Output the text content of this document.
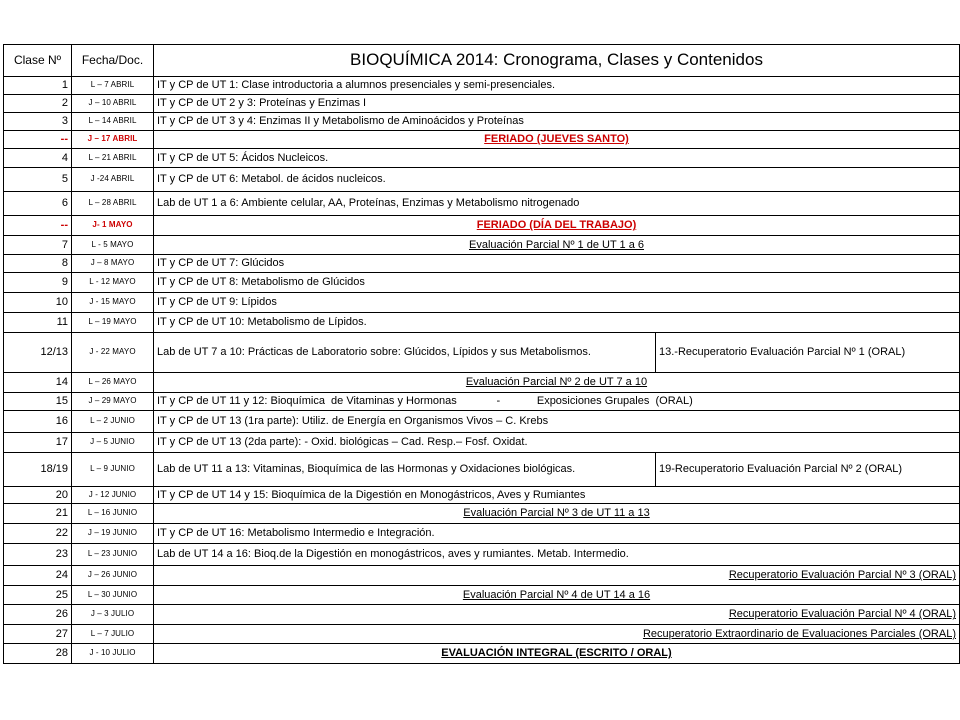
Clase Nº	Fecha/Doc.	BIOQUÍMICA 2014: Cronograma, Clases y Contenidos	
1	L – 7 ABRIL	IT y CP de UT 1: Clase introductoria a alumnos presenciales y semi-presenciales.	
2	J – 10 ABRIL	IT y CP de UT 2 y 3: Proteínas y Enzimas I	
3	L – 14 ABRIL	IT y CP de UT 3 y 4: Enzimas II y Metabolismo de Aminoácidos y Proteínas	
--	J – 17 ABRIL	FERIADO (JUEVES SANTO)	
4	L – 21 ABRIL	IT y CP de UT 5: Ácidos Nucleicos.	
5	J -24 ABRIL	IT y CP de UT 6: Metabol. de ácidos nucleicos.	
6	L – 28 ABRIL	Lab de UT 1 a 6: Ambiente celular, AA, Proteínas, Enzimas y Metabolismo nitrogenado	
--	J- 1 MAYO	FERIADO (DÍA DEL TRABAJO)	
7	L - 5 MAYO	Evaluación Parcial Nº 1 de UT 1 a 6	
8	J – 8 MAYO	IT y CP de UT 7: Glúcidos	
9	L - 12 MAYO	IT y CP de UT 8: Metabolismo de Glúcidos	
10	J - 15 MAYO	IT y CP de UT 9: Lípidos	
11	L – 19 MAYO	IT y CP de UT 10: Metabolismo de Lípidos.	
12/13	J - 22 MAYO	Lab de UT 7 a 10: Prácticas de Laboratorio sobre: Glúcidos, Lípidos y sus Metabolismos.	13.-Recuperatorio Evaluación Parcial Nº 1 (ORAL)
14	L – 26 MAYO	Evaluación Parcial Nº 2 de UT 7 a 10	
15	J – 29 MAYO	IT y CP de UT 11 y 12: Bioquímica  de Vitaminas y Hormonas             -            Exposiciones Grupales  (ORAL)	
16	L – 2 JUNIO	IT y CP de UT 13 (1ra parte): Utiliz. de Energía en Organismos Vivos – C. Krebs	
17	J – 5 JUNIO	IT y CP de UT 13 (2da parte): - Oxid. biológicas – Cad. Resp.– Fosf. Oxidat.	
18/19	L – 9 JUNIO	Lab de UT 11 a 13: Vitaminas, Bioquímica de las Hormonas y Oxidaciones biológicas.	19-Recuperatorio Evaluación Parcial Nº 2 (ORAL)
20	J - 12 JUNIO	IT y CP de UT 14 y 15: Bioquímica de la Digestión en Monogástricos, Aves y Rumiantes	
21	L – 16 JUNIO	Evaluación Parcial Nº 3 de UT 11 a 13	
22	J – 19 JUNIO	IT y CP de UT 16: Metabolismo Intermedio e Integración.	
23	L – 23 JUNIO	Lab de UT 14 a 16: Bioq.de la Digestión en monogástricos, aves y rumiantes. Metab. Intermedio.	
24	J – 26 JUNIO	Recuperatorio Evaluación Parcial Nº 3 (ORAL)	
25	L – 30 JUNIO	Evaluación Parcial Nº 4 de UT 14 a 16	
26	J – 3 JULIO	Recuperatorio Evaluación Parcial Nº 4 (ORAL)	
27	L – 7 JULIO	Recuperatorio Extraordinario de Evaluaciones Parciales (ORAL)	
28	J - 10 JULIO	EVALUACIÓN INTEGRAL (ESCRITO / ORAL)	
